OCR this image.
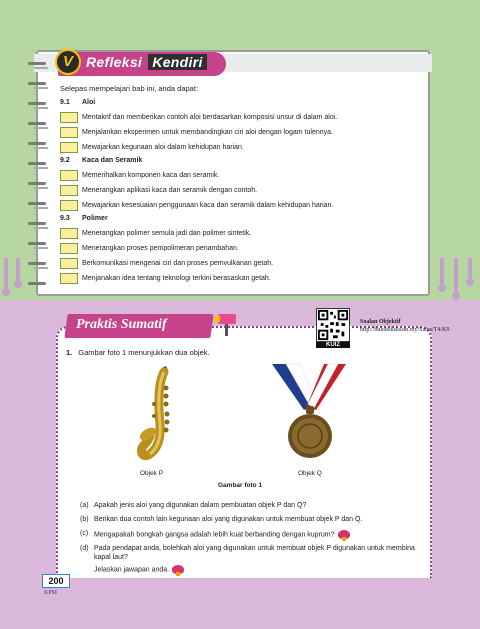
V Refleksi Kendiri
Selepas mempelajari bab ini, anda dapat:
9.1 Aloi
Mentakrif dan memberikan contoh aloi berdasarkan komposisi unsur di dalam aloi.
Menjalankan eksperimen untuk membandingkan ciri aloi dengan logam tulennya.
Mewajarkan kegunaan aloi dalam kehidupan harian.
9.2 Kaca dan Seramik
Memerihalkan komponen kaca dan seramik.
Menerangkan aplikasi kaca dan seramik dengan contoh.
Mewajarkan kesesuaian penggunaan kaca dan seramik dalam kehidupan harian.
9.3 Polimer
Menerangkan polimer semula jadi dan polimer sintetik.
Menerangkan proses pempolimeran penambahan.
Berkomunikasi mengenai ciri dan proses pemvulkanan getah.
Menjanakan idea tentang teknologi terkini berasaskan getah.
Praktis Sumatif
KUIZ
Soalan Objektif
http://bukutekskssm.my/Sains/T4/K9
1. Gambar foto 1 menunjukkan dua objek.
Objek P	Objek Q
Gambar foto 1
(a) Apakah jenis aloi yang digunakan dalam pembuatan objek P dan Q?
(b) Berikan dua contoh lain kegunaan aloi yang digunakan untuk membuat objek P dan Q.
(c) Mengapakah bongkah gangsa adalah lebih kuat berbanding dengan kuprum?
(d) Pada pendapat anda, bolehkah aloi yang digunakan untuk membuat objek P digunakan untuk membina kapal laut?
Jelaskan jawapan anda.
200
KPM
